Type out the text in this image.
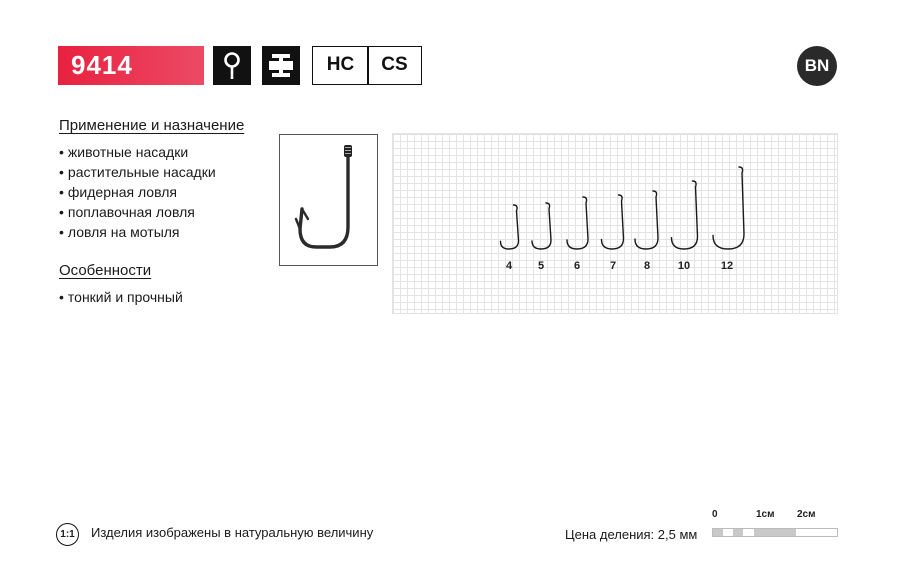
9414	HC	CS	BN
Применение и назначение
• животные насадки
• растительные насадки
• фидерная ловля
• поплавочная ловля
• ловля на мотыля
Особенности
• тонкий и прочный
4	5	6	7	8	10	12
1:1	Изделия изображены в натуральную величину	Цена деления: 2,5 мм
0	1см 2см
